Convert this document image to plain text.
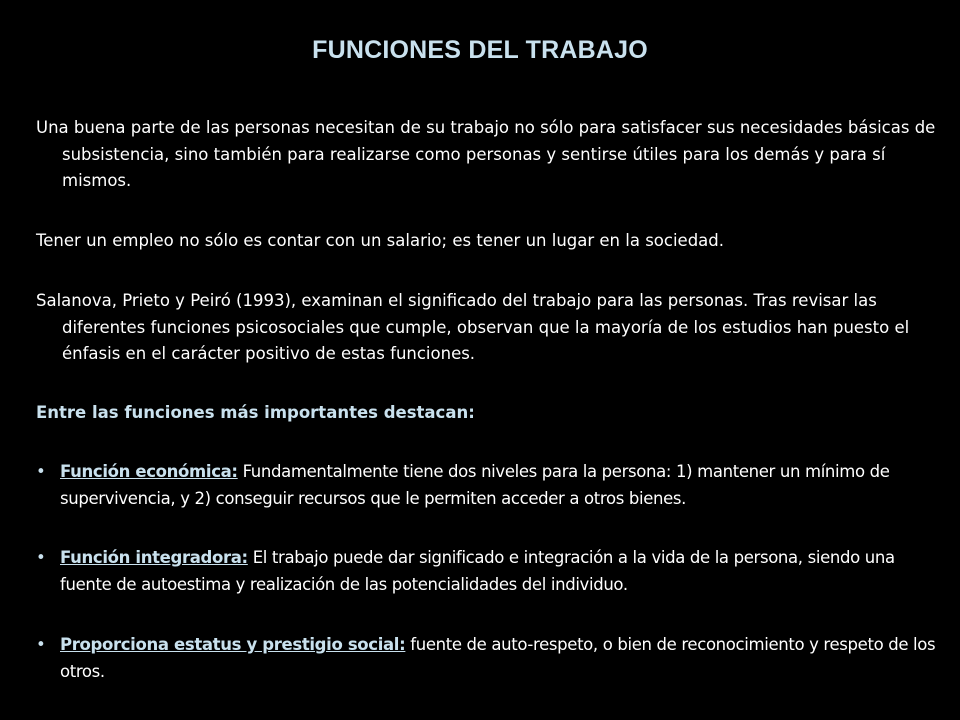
FUNCIONES DEL TRABAJO

Una buena parte de las personas necesitan de su trabajo no sólo para satisfacer sus necesidades básicas de subsistencia, sino también para realizarse como personas y sentirse útiles para los demás y para sí mismos.

Tener un empleo no sólo es contar con un salario; es tener un lugar en la sociedad.

Salanova, Prieto y Peiró (1993), examinan el significado del trabajo para las personas. Tras revisar las diferentes funciones psicosociales que cumple, observan que la mayoría de los estudios han puesto el énfasis en el carácter positivo de estas funciones.

Entre las funciones más importantes destacan:

• Función económica: Fundamentalmente tiene dos niveles para la persona: 1) mantener un mínimo de supervivencia, y 2) conseguir recursos que le permiten acceder a otros bienes.
• Función integradora: El trabajo puede dar significado e integración a la vida de la persona, siendo una fuente de autoestima y realización de las potencialidades del individuo.
• Proporciona estatus y prestigio social: fuente de auto-respeto, o bien de reconocimiento y respeto de los otros.
